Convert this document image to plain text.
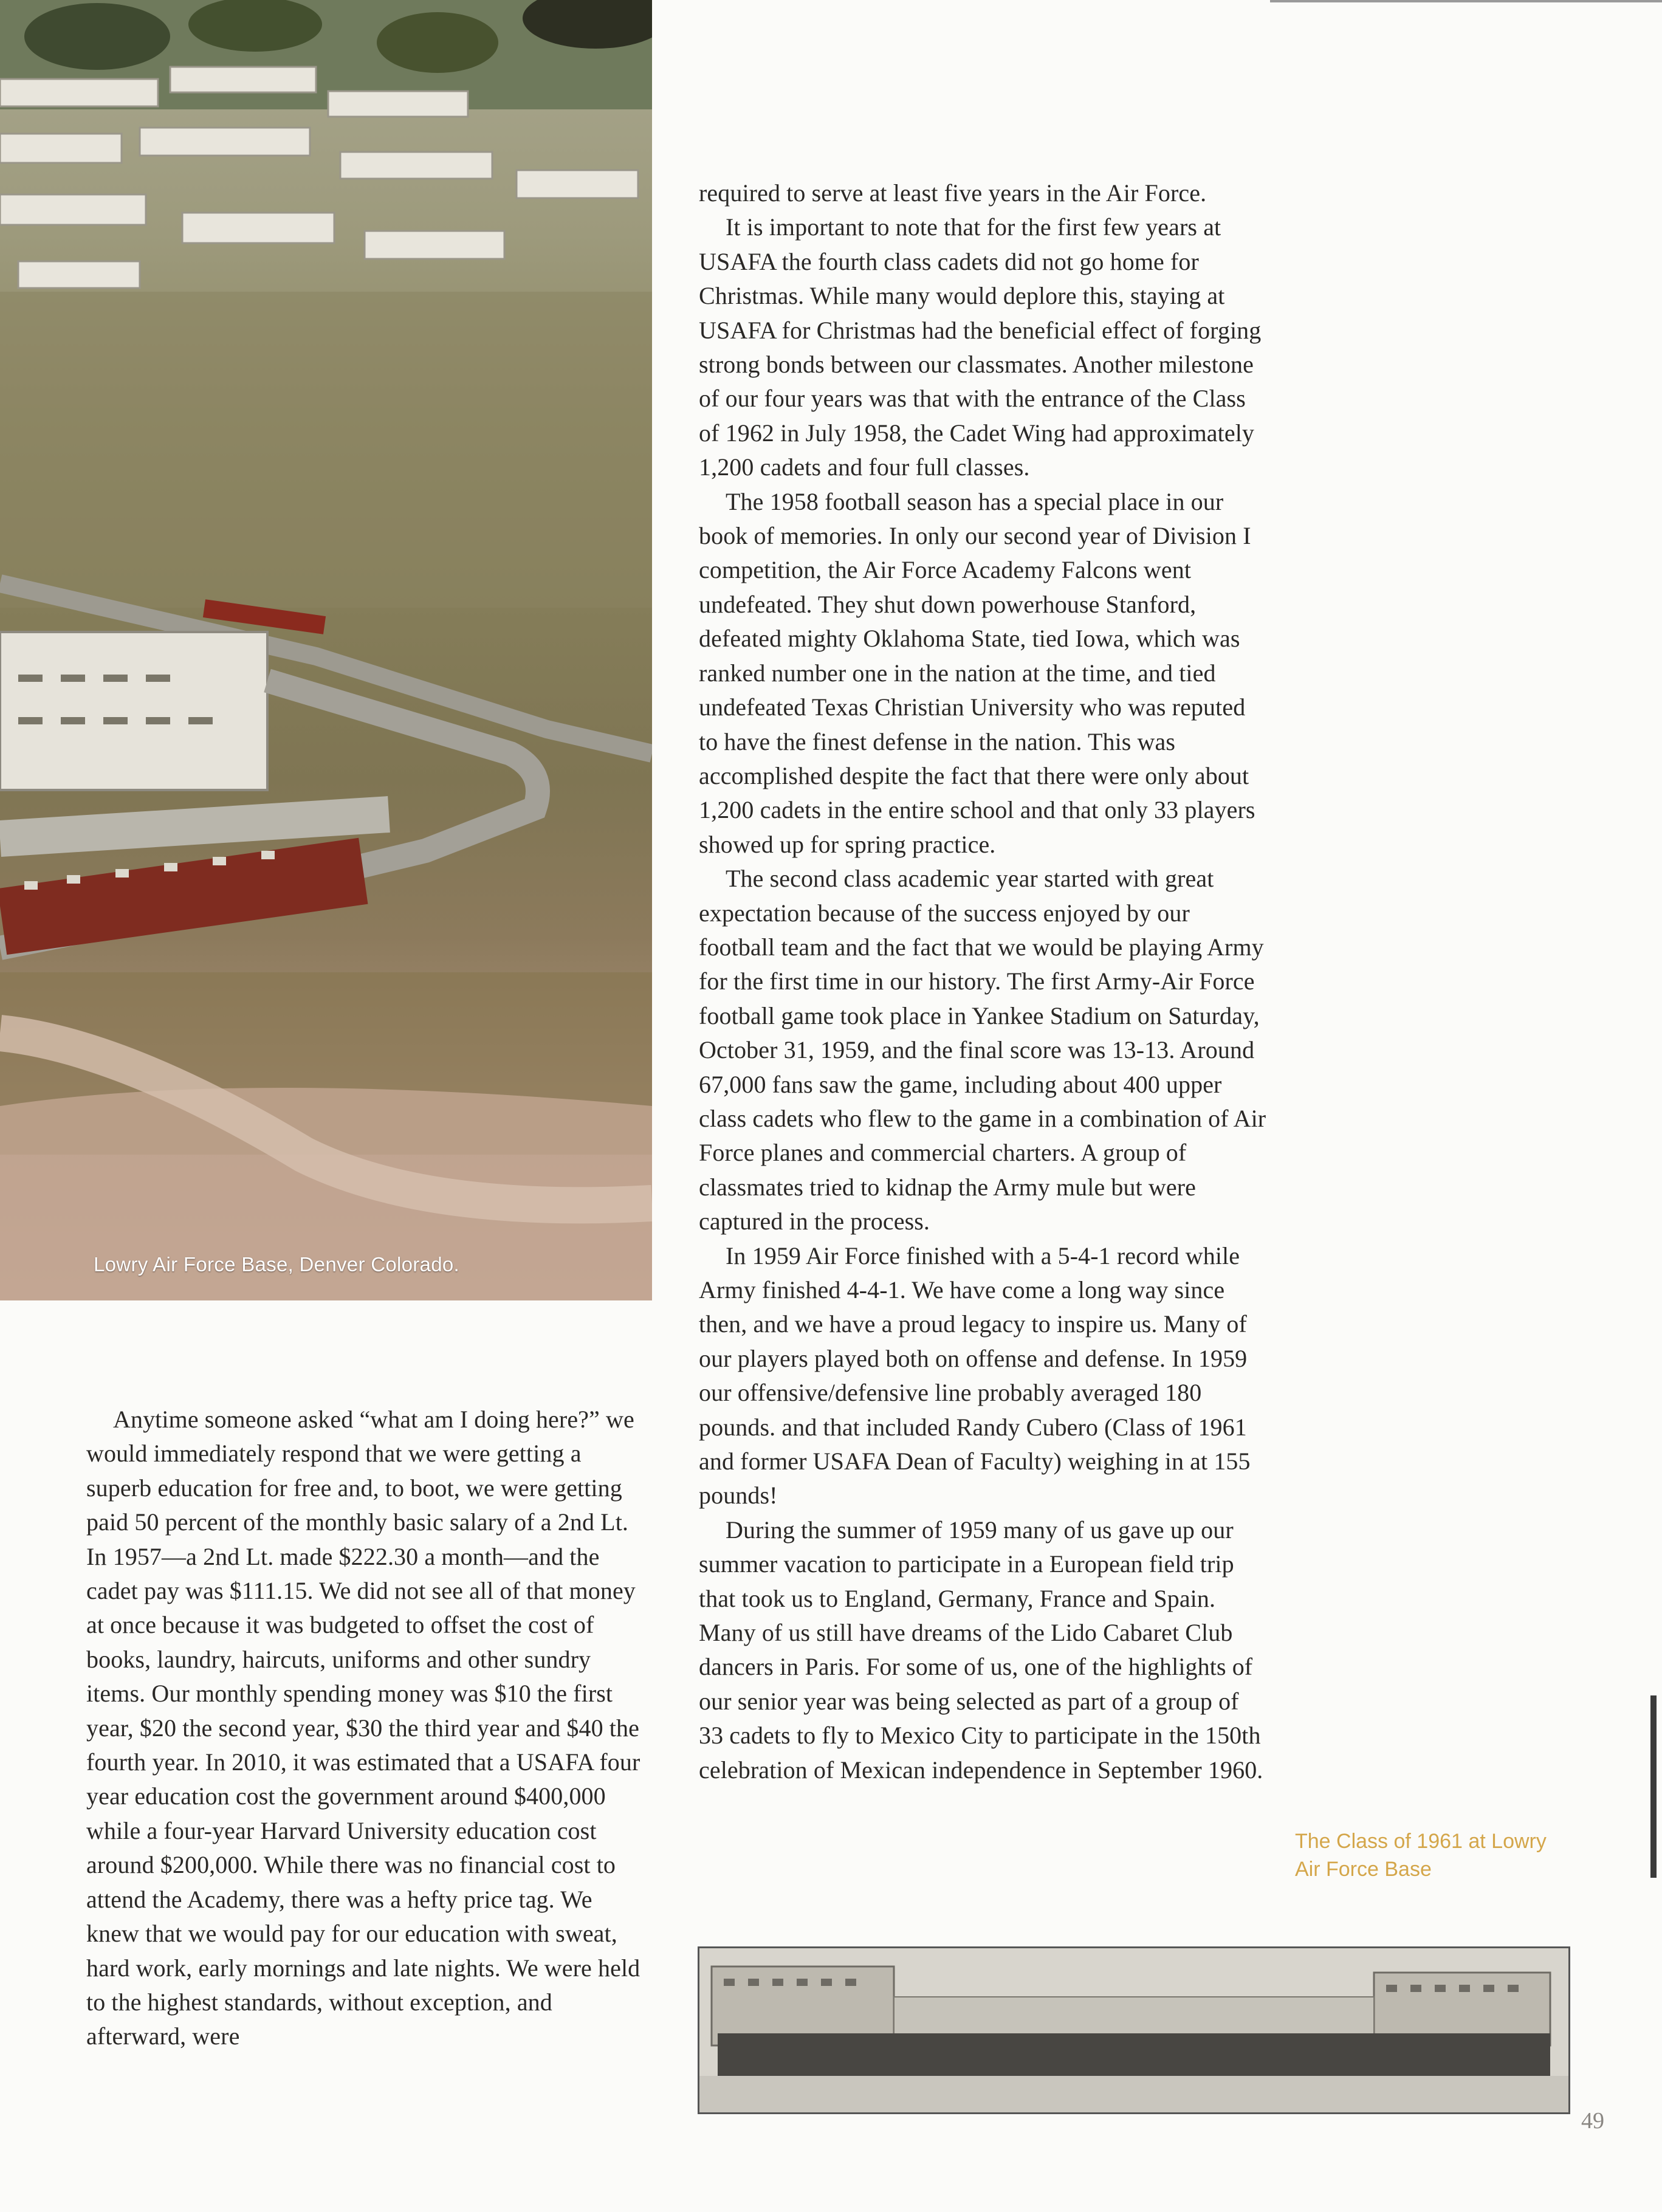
Lowry Air Force Base, Denver Colorado.

Anytime someone asked “what am I doing here?” we would immediately respond that we were getting a superb education for free and, to boot, we were getting paid 50 percent of the monthly basic salary of a 2nd Lt. In 1957—a 2nd Lt. made $222.30 a month—and the cadet pay was $111.15. We did not see all of that money at once because it was budgeted to offset the cost of books, laundry, haircuts, uniforms and other sundry items. Our monthly spending money was $10 the first year, $20 the second year, $30 the third year and $40 the fourth year. In 2010, it was estimated that a USAFA four year education cost the government around $400,000 while a four-year Harvard University education cost around $200,000. While there was no financial cost to attend the Academy, there was a hefty price tag. We knew that we would pay for our education with sweat, hard work, early mornings and late nights. We were held to the highest standards, without exception, and afterward, were

required to serve at least five years in the Air Force.

It is important to note that for the first few years at USAFA the fourth class cadets did not go home for Christmas. While many would deplore this, staying at USAFA for Christmas had the beneficial effect of forging strong bonds between our classmates. Another milestone of our four years was that with the entrance of the Class of 1962 in July 1958, the Cadet Wing had approximately 1,200 cadets and four full classes.

The 1958 football season has a special place in our book of memories. In only our second year of Division I competition, the Air Force Academy Falcons went undefeated. They shut down powerhouse Stanford, defeated mighty Oklahoma State, tied Iowa, which was ranked number one in the nation at the time, and tied undefeated Texas Christian University who was reputed to have the finest defense in the nation. This was accomplished despite the fact that there were only about 1,200 cadets in the entire school and that only 33 players showed up for spring practice.

The second class academic year started with great expectation because of the success enjoyed by our football team and the fact that we would be playing Army for the first time in our history. The first Army-Air Force football game took place in Yankee Stadium on Saturday, October 31, 1959, and the final score was 13-13. Around 67,000 fans saw the game, including about 400 upper class cadets who flew to the game in a combination of Air Force planes and commercial charters. A group of classmates tried to kidnap the Army mule but were captured in the process.

In 1959 Air Force finished with a 5-4-1 record while Army finished 4-4-1. We have come a long way since then, and we have a proud legacy to inspire us. Many of our players played both on offense and defense. In 1959 our offensive/defensive line probably averaged 180 pounds. and that included Randy Cubero (Class of 1961 and former USAFA Dean of Faculty) weighing in at 155 pounds!

During the summer of 1959 many of us gave up our summer vacation to participate in a European field trip that took us to England, Germany, France and Spain. Many of us still have dreams of the Lido Cabaret Club dancers in Paris. For some of us, one of the highlights of our senior year was being selected as part of a group of 33 cadets to fly to Mexico City to participate in the 150th celebration of Mexican independence in September 1960.

The Class of 1961 at Lowry Air Force Base
49
